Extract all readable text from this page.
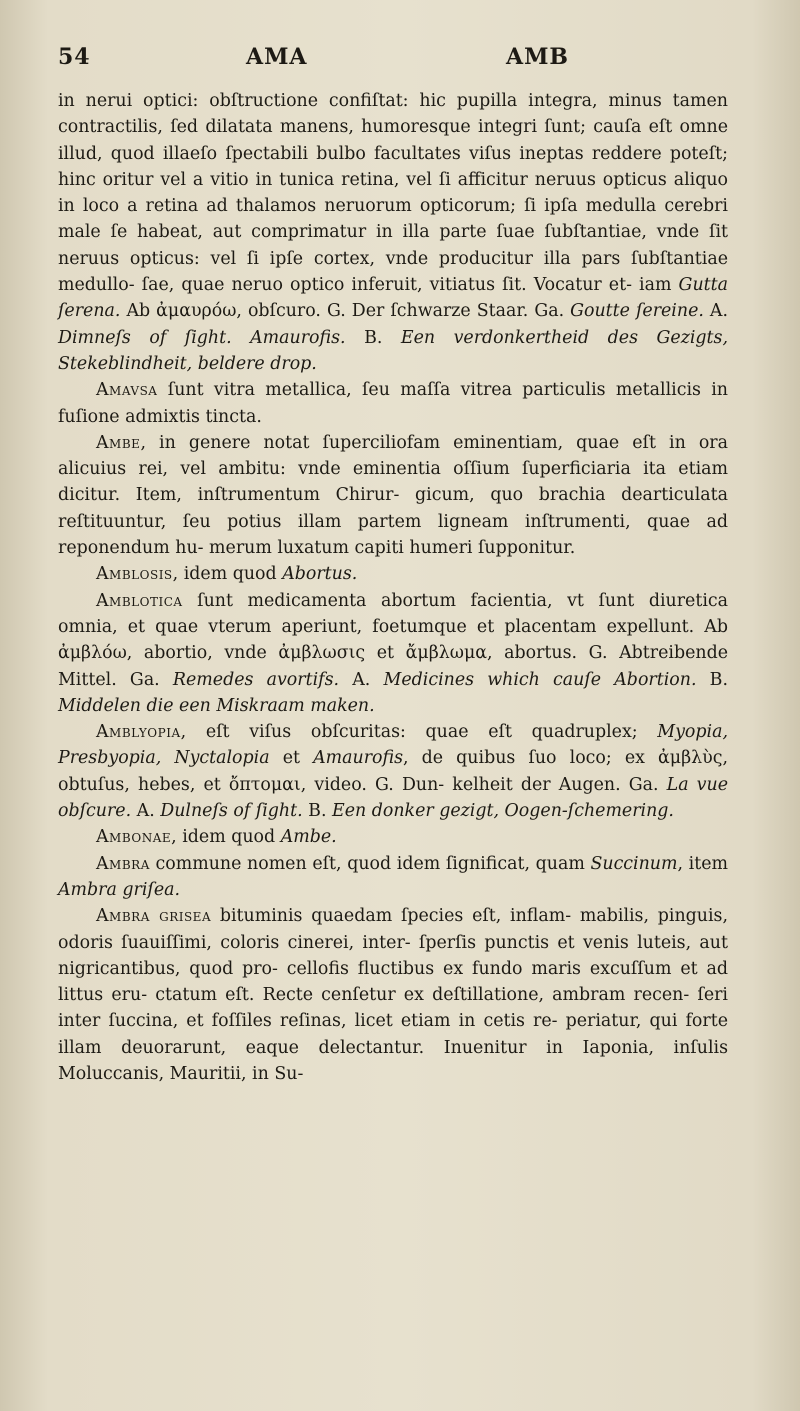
54	AMA	AMB

in nerui optici: obſtructione confiſtat: hic pupilla integra, minus tamen contractilis, ſed dilatata manens, humoresque integri ſunt; cauſa eſt omne illud, quod illaeſo ſpectabili bulbo facultates viſus ineptas reddere poteſt; hinc oritur vel a vitio in tunica retina, vel ſi afficitur neruus opticus aliquo in loco a retina ad thalamos neruorum opticorum; ſi ipſa medulla cerebri male ſe habeat, aut comprimatur in illa parte ſuae ſubſtantiae, vnde ſit neruus opticus: vel ſi ipſe cortex, vnde producitur illa pars ſubſtantiae medullo- ſae, quae neruo optico inferuit, vitiatus ſit. Vocatur et- iam Gutta ſerena. Ab ἀμαυρόω, obſcuro. G. Der ſchwarze Staar. Ga. Goutte ſereine. A. Dimneſs of ſight. Amaurofis. B. Een verdonkertheid des Gezigts, Stekeblindheit, beldere drop.

Amavsa ſunt vitra metallica, ſeu maſſa vitrea particulis metallicis in fuſione admixtis tincta.

Ambe, in genere notat ſuperciliofam eminentiam, quae eſt in ora alicuius rei, vel ambitu: vnde eminentia oſſium ſuperficiaria ita etiam dicitur. Item, inſtrumentum Chirur- gicum, quo brachia dearticulata reſtituuntur, ſeu potius illam partem ligneam inſtrumenti, quae ad reponendum hu- merum luxatum capiti humeri ſupponitur.

Amblosis, idem quod Abortus.

Amblotica ſunt medicamenta abortum facientia, vt ſunt diuretica omnia, et quae vterum aperiunt, foetumque et placentam expellunt. Ab ἀμβλόω, abortio, vnde ἀμβλωσις et ἄμβλωμα, abortus. G. Abtreibende Mittel. Ga. Remedes avortifs. A. Medicines which cauſe Abortion. B. Middelen die een Miskraam maken.

Amblyopia, eſt viſus obſcuritas: quae eſt quadruplex; Myopia, Presbyopia, Nyctalopia et Amaurofis, de quibus ſuo loco; ex ἀμβλὺς, obtuſus, hebes, et ὄπτομαι, video. G. Dun- kelheit der Augen. Ga. La vue obſcure. A. Dulneſs of ſight. B. Een donker gezigt, Oogen-ſchemering.

Ambonae, idem quod Ambe.

Ambra commune nomen eſt, quod idem ſignificat, quam Succinum, item Ambra griſea.

Ambra grisea bituminis quaedam ſpecies eſt, inflam- mabilis, pinguis, odoris ſuauiſſimi, coloris cinerei, inter- ſperſis punctis et venis luteis, aut nigricantibus, quod pro- cellofis fluctibus ex fundo maris excuſſum et ad littus eru- ctatum eſt. Recte cenſetur ex deſtillatione, ambram recen- ſeri inter ſuccina, et foſſiles reſinas, licet etiam in cetis re- periatur, qui forte illam deuorarunt, eaque delectantur. Inuenitur in Iaponia, inſulis Moluccanis, Mauritii, in Su-
